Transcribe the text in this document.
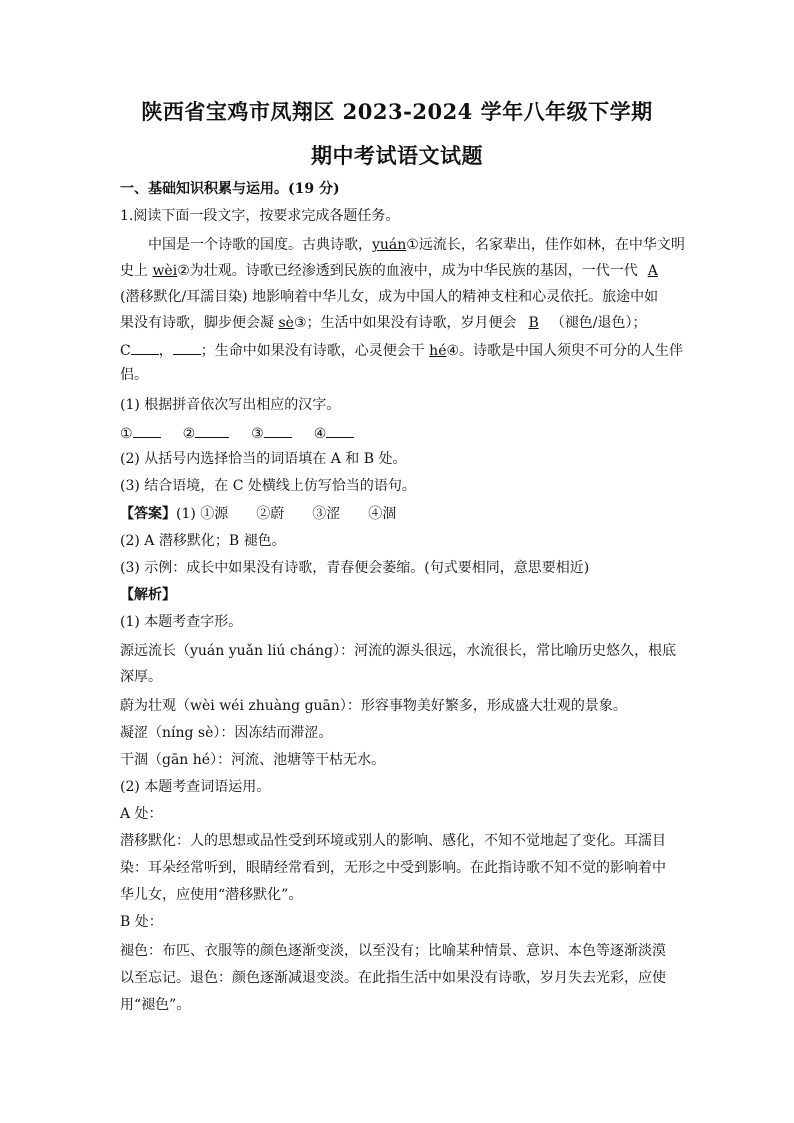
陕西省宝鸡市凤翔区 2023-2024 学年八年级下学期
期中考试语文试题
一、基础知识积累与运用。(19 分)
1.阅读下面一段文字，按要求完成各题任务。
中国是一个诗歌的国度。古典诗歌，yuán①远流长，名家辈出，佳作如林，在中华文明
史上 wèi②为壮观。诗歌已经渗透到民族的血液中，成为中华民族的基因，一代一代 A
(潜移默化/耳濡目染) 地影响着中华儿女，成为中国人的精神支柱和心灵依托。旅途中如
果没有诗歌，脚步便会凝 sè③；生活中如果没有诗歌，岁月便会 B （褪色/退色）；
C ， ；生命中如果没有诗歌，心灵便会干 hé④。诗歌是中国人须臾不可分的人生伴
侣。
(1) 根据拼音依次写出相应的汉字。
①	②	③	④
(2) 从括号内选择恰当的词语填在 A 和 B 处。
(3) 结合语境，在 C 处横线上仿写恰当的语句。
【答案】(1) ①源　　②蔚　　③涩　　④涸
(2) A 潜移默化；B 褪色。
(3) 示例：成长中如果没有诗歌，青春便会萎缩。(句式要相同，意思要相近)
【解析】
(1) 本题考查字形。
源远流长（yuán yuǎn liú cháng）：河流的源头很远，水流很长，常比喻历史悠久，根底
深厚。
蔚为壮观（wèi wéi zhuàng guān）：形容事物美好繁多，形成盛大壮观的景象。
凝涩（níng sè）：因冻结而滞涩。
干涸（gān hé）：河流、池塘等干枯无水。
(2) 本题考查词语运用。
A 处：
潜移默化：人的思想或品性受到环境或别人的影响、感化，不知不觉地起了变化。耳濡目
染：耳朵经常听到，眼睛经常看到，无形之中受到影响。在此指诗歌不知不觉的影响着中
华儿女，应使用“潜移默化”。
B 处：
褪色：布匹、衣服等的颜色逐渐变淡，以至没有；比喻某种情景、意识、本色等逐渐淡漠
以至忘记。退色：颜色逐渐减退变淡。在此指生活中如果没有诗歌，岁月失去光彩，应使
用“褪色”。
